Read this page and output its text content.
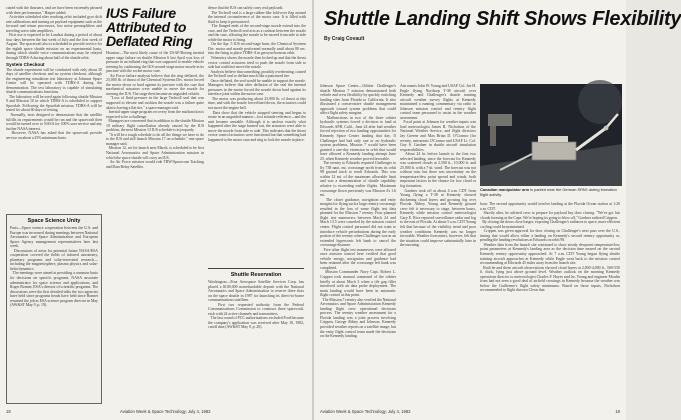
ciated with the thrusters, and we have been extremely pleased with their performance," Harper added.
Activities scheduled after reaching orbit included gyro drift rate calibrations and turning on payload equipment such as the forward and return processors, low noise preamplifiers and traveling wave tube amplifiers.
First use is expected to be Landsat during a period of about four days between the last week of July and the first week of August. The spacecraft also is scheduled to provide service for the eighth space shuttle mission on an experimental basis, during which shuttle voice communications may be relayed through TDRS-A during about half of the shuttle orbit.

System Checkout

The shuttle experiment will be conducted with only about 30 days of satellite checkout and no system checkout, although the engineering simulation test laboratory at Johnson Space Center will be operated with TDRS-A during the demonstration. The test laboratory is capable of simulating shuttle communications functions.
The laboratory will be used again following shuttle Mission 9 and Mission 10 in which TDRS-A is scheduled to support Spacelab. Following the Spacelab mission, TDRS-A will be tested for about 60 days of testing.
Normally, tests designed to demonstrate that the satellite fulfills its requirements would be run and the spacecraft then would be turned over to NASA for 100% user service and any further NASA interest.
However, NASA has asked that the spacecraft provide service on about a 25% minimum basis.

Space Science Unity

Paris—Space science cooperation between the U.S. and Europe was increased during meetings between National Aeronautics and Space Administration and European Space Agency management representatives here last week.
Discussions of areas for potential future NASA/ESA cooperation covered the fields of infrared astronomy, planetary programs and solar-terrestrial research—including the magnetosphere, plasma physics and solar-helio dynamics.
The meetings were aimed at providing a common basis for decisions on specific programs. NASA associate administrator for space science and applications, and Roger Bonnet, ESA's director of scientific programs. The discussions were the first detailed talks the two agencies have held since programs heads have held since Bonnet resumed the job as ESA science program director in May (AW&ST May 9, p. 19).

IUS Failure Attributed to Deflated Ring

Houston—The most likely cause of the USAF/Boeing inertial upper stage failure on shuttle Mission 6 last April was loss of pressure in an inflated ring that was supposed to enable vehicle steering by cushioning the IUS second-stage motor nozzle in its juncture with the rocket motor case.
Air Force failure analysts believe that the ring deflated, the 25,000 lb. of thrust of the Chemical Systems Div. motor forced the motor down so hard against its juncture with the case that mechanical actuators were unable to move the nozzle for steering the IUS. The stage then became an unguided vehicle.
"Loss of fluid pressure in the large Techroll seal that was supposed to elevate and cushion the nozzle was a failure quite akin to having a flat tire," a space manager said.
Inertial upper stage program recovery from the malfunction is expected to be a challenge.
Managers are concerned that in addition to the shuttle Mission 10 military flight cancellation already caused by the IUS problem, the next Mission 13 IUS schedule is in jeopardy.
"It will be a tough schedule to do all the things we have to do to the IUS and still launch Mission 17 on schedule," one space manager said.
Mission 12, set for launch next March, is scheduled to be first National Aeronautics and Space Administration mission in which the space shuttle will carry an IUS.
An Air Force mission would ride TRW/Spacecom Tracking and Data Relay Satellite.

dence that the IUS can safely carry real payloads.
The Techroll seal is a large rubber-like fold-over flap around the internal circumference of the motor case. It is filled with fluid to keep it pressurized.
The flanged ends of the second-stage nozzle extend into the case, and the Techroll seal acts as a cushion between the nozzle and the case, allowing the nozzle to be moved from side to side while the motor is firing.
On the Apr. 5 IUS second-stage burn, the Chemical Systems Div. motor and nozzle performed normally until about 80 sec. into the firing to place TDRS-A in geosynchronous orbit.
Telemetry shows the nozzle then locked up and that the thrust vector control actuators tried to push the nozzle from side to side but could not move the nozzle.
Analysis believe that something, possibly overheating, caused the Techroll seal to deflate much like a punctured tire.
Once deflated, the seal would be unable to support the nozzle. Managers believe that after deflation of the seal the internal pressures in the motor forced the nozzle down hard against its interface joint within the motor case.
The motor was producing about 25,000 lb. of thrust at this time, and with the nozzle forced hard down, the actuators could not move the engine bell.
Data show that the vehicle stopped steering and began to rotate in an unguided manner—lost attitude reference—and the unit became unstable. Although it is unclear exactly what happened after the stage burned out, the actuators were able to move the nozzle from side to side. This indicates that the thrust vector control actuators were functional but that something had happened to the motor case and ring to lock the nozzle in place.

Shuttle Reservation

Washington—Four Aerospace Satellite Services Corp. has placed a $100,000 nonrefundable deposit with the National Aeronautics and Space Administration to reserve three slots on the space shuttle in 1987 for launching its direct-to-home communications satellites.
First two requested authority from the Federal Communications Commission to construct three spacecraft, each with 24 active channels and transmitters.
The last round of FCC authorizations excluded Ford because the company's application was received after May 18, 1982, cutoff date (AW&ST May 9, p. 20).

18	Aviation Week & Space Technology, July 4, 1983
Shuttle Landing Shift Shows Flexibility
By Craig Covault

Johnson Space Center—Orbiter Challenger's shuttle Mission 7 mission demonstrated both vehicle and crew flexibility by quickly switching landing sites from Florida to California. It also illustrated a conservative shuttle management approach toward system problems that could affect flight safety margins.
Malfunctions in two of the three orbiter hydraulic systems forced a decision to land at Edwards AFB, Calif., June 24 after bad weather forced rejection of two landing opportunities for Kennedy Space Center landing that day. If Challenger had had only one or no hydraulic system problems, Mission 7 would have been granted a one-day extension in orbit that would have allowed a Kennedy landing attempt June 25, when Kennedy weather proved favorable.
The reentry to Edwards required Challenger to fly 738 naut. mi. crossrange north from its orbit 98 ground track to reach Edwards. This was within 12 mi. of the maximum allowable limit and was a demonstration of shuttle capability relative to exceeding earlier flights. Maximum crossrange flown previously was Mission 4's 1.6 mi.
The closer guidance, navigation and entry margins for flying such a large reentry crossrange resulted in the loss of some flight test data planned for the Mission 7 reentry. Four planned flight test maneuvers between Mach 24 and Mach 13.5 were canceled by the mission control center. Flight control personnel did not want to introduce vehicle perturbations during the early portion of the reentry when Challenger was in an extended hypersonic left bank to cancel the crossrange distance.
Five other flight test maneuvers were allowed once mission control here verified that good vehicle energy, navigation and guidance had been retained after the crossrange left bank was completed.
Mission Commander Navy Capt. Robert L. Crippen took manual command of the orbiter briefly at about Mach 3 when a tile gap filler interfered with air data probe deployment. The main landing would have been in automatic flight control at this point.
The Mission 7 reentry also verified the National Aeronautics and Space Administration Kennedy landing flight crew operational decisions process. The reentry weather assessment for a Florida landing was a joint process involving Crippen, George Abbey and Johnson. Kennedy provided weather reports on a satellite image, but the entry flight control team made the decisions on the Kennedy landing.

Astronauts John W. Young and USAF Col. Joe H. Engle flying Northrop T-38 aircraft over Kennedy and Challenger's shuttle training aircraft weather survey flights at Kennedy maintained a running commentary via radio to Johnson mission control and reentry flight control team personnel to assist in the weather assessment.
Focal point at Johnson for weather inputs was lead meteorologist James R. Nicholson of the National Weather Service, and flight directors Jay Greene and Max Brian D. O'Connor (for reentry, astronauts O'Connor and USAF Lt. Col. Guy S. Gardner in shuttle aircraft simulation responsibilities.
About 24 hr. before launch to the first two selected landing, since the forecast for Kennedy was scattered clouds at 2,500 ft., 10,000 ft. and 25,000 ft. with a 7-kt. wind. The forecast was not without rain, but there was uncertainty on the temperature/dew point spread and winds, both important factors in the chance for low cloud or fog formation.
Gardner took off at about 4 a.m. CDT from Young flying a T-38 at Kennedy showed thickening cloud layers and growing fog over Florida. Abbey, Young and Kennedy ground crew felt it necessary to stage, between hours, Kennedy while mission control meteorologist Gary E. Rice reported surveillance radar and fog to the east of Florida. At about 5 a.m. CDT Young felt that because of the visibility trend and poor weather conditions Kennedy was no longer favorable. Weather forecasters, however, felt that the situation could improve substantially later in the morning.

Canadian manipulator arm is parked near the German SPAS during formation flight activity.

hour. The second opportunity would involve landing at the Florida Ocean station at 1:20 a.m. CDT.
Shortly after, he advised crew to prepare for payload bay door closing. "We've got fair clouds forming at the Cape. We're hoping its going to blow off," Gardner radioed Crippen.
By closing the doors close longer, exposing Challenger's radiators to space, more efficient cooling could be maintained.
Crippen was given approval for door closing on Challenger's next pass over the U.S., timing that would allow either a landing on Kennedy's second reentry opportunity or, pending the landing revolutions at Edwards on orbit 98.
Weather data from the launch site continued to show steady dewpoint temperature/low point parameters at Kennedy's landing area as the decision time neared on the second Kennedy reentry opportunity approached. At 7 a.m. CDT Young began flying shuttle training aircraft approaches at Kennedy while Engle went back to the mission control recommending at Edwards 45 miles away from the launch site.
Both he and these aircraft observations showed cloud layers at 2,000-4,000 ft., 500-550 ft. thick, lying just above ground level. Weather outlook on the morning Kennedy operations director or meteorologist Charles F. Hayes said he, Young and engineer Moulin from had not seen a good deal of airfield crossings in Kennedy because the weather was below the Guillermo's flight safety minimums. Based on those inputs, Nicholson recommended to flight director Cleon that

Aviation Week & Space Technology, July 4, 1983	19
